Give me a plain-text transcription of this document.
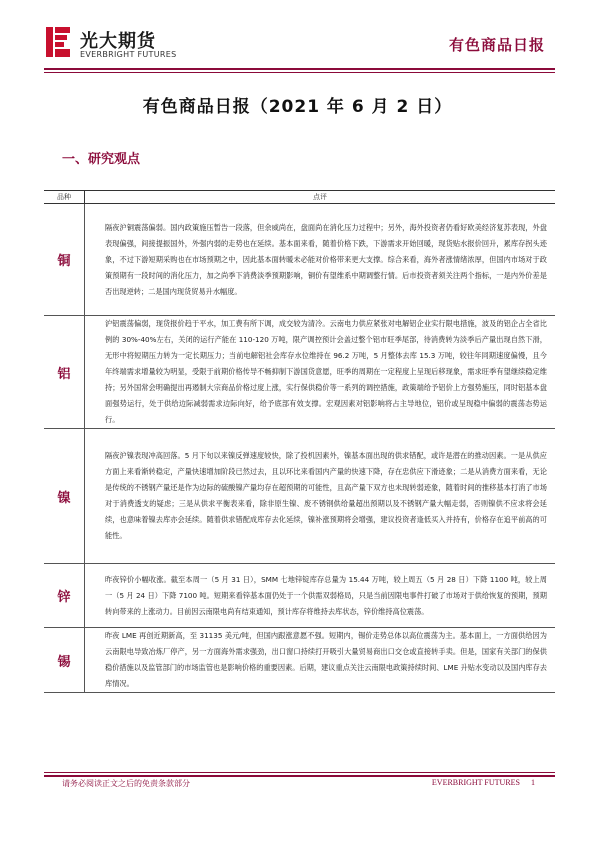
光大期货
EVERBRIGHT FUTURES
有色商品日报
有色商品日报（2021 年 6 月 2 日）
一、研究观点
品种	点评
铜	隔夜沪铜震荡偏弱。国内政策施压暂告一段落，但余威尚在，盘面尚在消化压力过程中；另外，海外投资者仍看好欧美经济复苏表现，外盘表现偏强，间接提振国外，外强内弱的走势也在延续。基本面来看，随着价格下跌，下游需求开始回暖，现货贴水报价回升，累库存拐头迹象，不过下游短期采购也在市场预期之中，因此基本面转暖未必能对价格带来更大支撑。综合来看，海外者涨情绪浓厚，但国内市场对于政策预期有一段时间的消化压力，加之尚季下消费淡季预期影响，铜价有望维系中期调整行情。后市投资者须关注两个指标，一是内外价差是否出现逆转；二是国内现货贸易升水幅度。
铝	沪铝震荡偏弱，现货报价趋于平水，加工费有所下调，成交较为清冷。云南电力供应紧张对电解铝企业实行限电措施，波及的铝企占全省比例的 30%-40%左右，关闭的运行产能在 110-120 万吨，限产调控预计会盖过整个铝市旺季尾部，待消费转为淡季后产量出现自然下滑，无形中将短期压力转为一定长期压力；当前电解铝社会库存水位维持在 96.2 万吨，5 月整体去库 15.3 万吨，较往年同期速度偏慢，且今年终端需求增量较为明显，受限于前期价格传导不畅抑制下游国货意愿，旺季的周期在一定程度上呈现后移现象，需求旺季有望继续稳定维持；另外国常会明确提出再遏制大宗商品价格过度上涨，实行保供稳价等一系列的调控措施，政策端给予铝价上方强势施压，同时铝基本盘面强势运行，处于供给边际减弱需求边际向好，给予底部有效支撑。宏观因素对铝影响将占主导地位，铝价或呈现稳中偏弱的震荡态势运行。
镍	隔夜沪镍表现冲高回落。5 月下旬以来镍反弹速度较快，除了投机因素外，镍基本面出现的供求错配，或许是潜在的推动因素。一是从供应方面上来看渐转稳定，产量快速增加阶段已然过去，且以环比来看国内产量的快速下降，存在忠供应下滑迹象；二是从消费方面来看，无论是传统的不锈钢产量还是作为边际的硫酸镍产量均存在超预期的可能性，且高产量下双方也未现转弱迹象，随着时间的推移基本打消了市场对于消费透支的疑虑；三是从供求平衡表来看，除非原生镍、废不锈钢供给量超出预期以及不锈钢产量大幅走弱，否则镍供不应求将会延续，也意味着镍去库亦会延续。随着供求错配成库存去化延续，镍补涨预期将会增强，建议投资者逢低买入并持有，价格存在追平前高的可能性。
锌	昨夜锌价小幅收涨。截至本周一（5 月 31 日），SMM 七地锌锭库存总量为 15.44 万吨，较上周五（5 月 28 日）下降 1100 吨，较上周一（5 月 24 日）下降 7100 吨。短期来看锌基本面仍处于一个供需双弱格局，只是当前因限电事件打破了市场对于供给恢复的预期，预期转向带来的上涨动力。目前因云南限电尚有结束通知，预计库存将维持去库状态，锌价维持高位震荡。
锡	昨夜 LME 再创近期新高，至 31135 美元/吨，但国内跟涨意愿不强。短期内，锡价走势总体以高位震荡为主。基本面上，一方面供给因为云南限电导致冶炼厂停产，另一方面海外需求强劲，出口窗口持续打开吸引大量贸易商出口交仓或直接转手卖。但是，国家有关部门的保供稳价措施以及监管部门的市场监管也是影响价格的重要因素。后期，建议重点关注云南限电政策持续时间、LME 升贴水变动以及国内库存去库情况。
请务必阅读正文之后的免责条款部分	EVERBRIGHT FUTURES 1
